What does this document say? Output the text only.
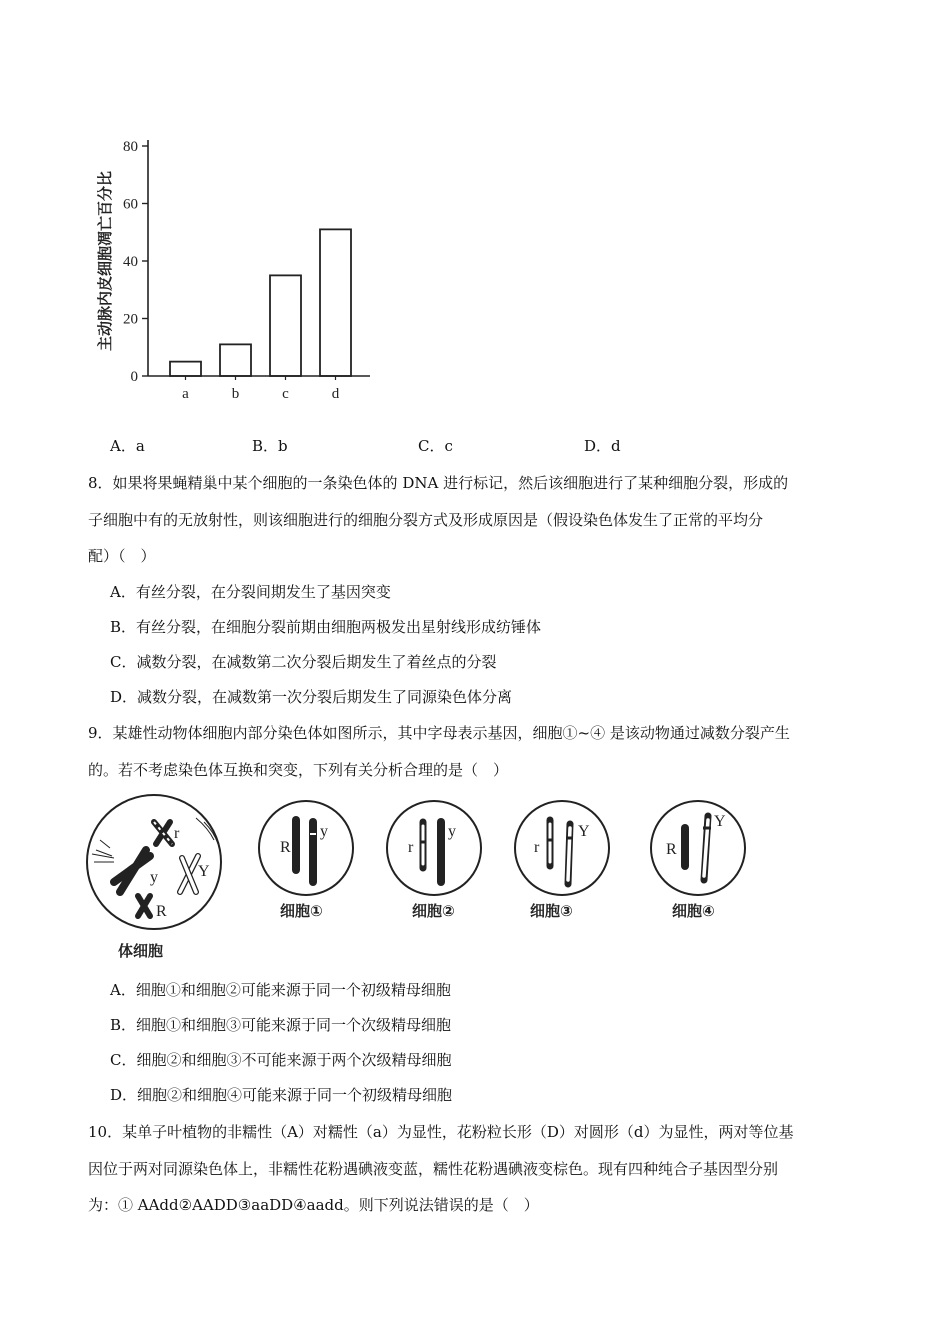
0
20
40
60
80
主动脉内皮细胞凋亡百分比
a	b	c	d
A．a	B．b	C．c	D．d
8．如果将果蝇精巢中某个细胞的一条染色体的 DNA 进行标记，然后该细胞进行了某种细胞分裂，形成的
子细胞中有的无放射性，则该细胞进行的细胞分裂方式及形成原因是（假设染色体发生了正常的平均分
配）（　）
A．有丝分裂，在分裂间期发生了基因突变
B．有丝分裂，在细胞分裂前期由细胞两极发出星射线形成纺锤体
C．减数分裂，在减数第二次分裂后期发生了着丝点的分裂
D．减数分裂，在减数第一次分裂后期发生了同源染色体分离
9．某雄性动物体细胞内部分染色体如图所示，其中字母表示基因，细胞①~④ 是该动物通过减数分裂产生
的。若不考虑染色体互换和突变，下列有关分析合理的是（　）
r
y	Y
R
体细胞
R
y
细胞①
r
y
细胞②
r
Y
细胞③
R
Y
细胞④
A．细胞①和细胞②可能来源于同一个初级精母细胞
B．细胞①和细胞③可能来源于同一个次级精母细胞
C．细胞②和细胞③不可能来源于两个次级精母细胞
D．细胞②和细胞④可能来源于同一个初级精母细胞
10．某单子叶植物的非糯性（A）对糯性（a）为显性，花粉粒长形（D）对圆形（d）为显性，两对等位基
因位于两对同源染色体上，非糯性花粉遇碘液变蓝，糯性花粉遇碘液变棕色。现有四种纯合子基因型分别
为：① AAdd②AADD③aaDD④aadd。则下列说法错误的是（　）
